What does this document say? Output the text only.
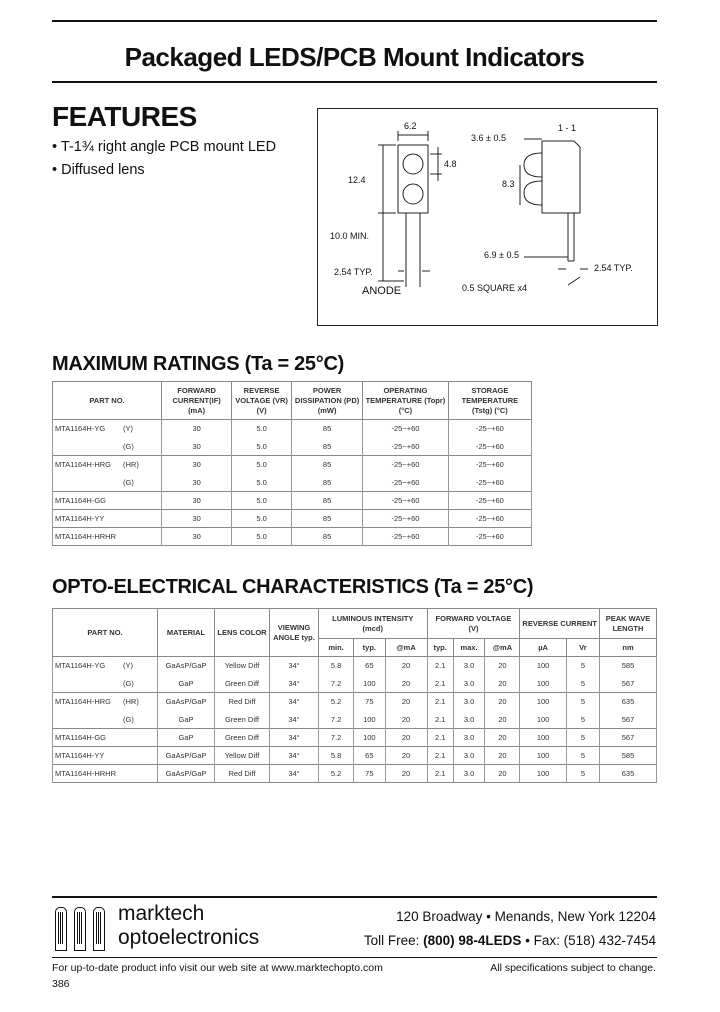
Packaged LEDS/PCB Mount Indicators
FEATURES
• T-1¾ right angle PCB mount LED
• Diffused lens
6.2
3.6 ± 0.5
1 - 1
4.8
12.4	8.3
10.0 MIN.
6.9 ± 0.5
2.54 TYP.	2.54 TYP.
ANODE	0.5 SQUARE x4
MAXIMUM RATINGS (Ta = 25°C)
PART NO.	FORWARD CURRENT(IF) (mA)	REVERSE VOLTAGE (VR) (V)	POWER DISSIPATION (PD) (mW)	OPERATING TEMPERATURE (Topr) (°C)	STORAGE TEMPERATURE (Tstg) (°C)
MTA1164H-YG (Y)	30	5.0	85	-25~+60	-25~+60
(G)	30	5.0	85	-25~+60	-25~+60
MTA1164H-HRG (HR)	30	5.0	85	-25~+60	-25~+60
(G)	30	5.0	85	-25~+60	-25~+60
MTA1164H-GG	30	5.0	85	-25~+60	-25~+60
MTA1164H-YY	30	5.0	85	-25~+60	-25~+60
MTA1164H-HRHR	30	5.0	85	-25~+60	-25~+60
OPTO-ELECTRICAL CHARACTERISTICS (Ta = 25°C)
PART NO.	MATERIAL	LENS COLOR	VIEWING ANGLE typ.	LUMINOUS INTENSITY (mcd)			FORWARD VOLTAGE (V)			REVERSE CURRENT		PEAK WAVE LENGTH
				min.	typ.	@mA	typ.	max.	@mA	µA	Vr	nm
MTA1164H-YG (Y)	GaAsP/GaP	Yellow Diff	34°	5.8	65	20	2.1	3.0	20	100	5	585
(G)	GaP	Green Diff	34°	7.2	100	20	2.1	3.0	20	100	5	567
MTA1164H-HRG (HR)	GaAsP/GaP	Red Diff	34°	5.2	75	20	2.1	3.0	20	100	5	635
(G)	GaP	Green Diff	34°	7.2	100	20	2.1	3.0	20	100	5	567
MTA1164H-GG	GaP	Green Diff	34°	7.2	100	20	2.1	3.0	20	100	5	567
MTA1164H-YY	GaAsP/GaP	Yellow Diff	34°	5.8	65	20	2.1	3.0	20	100	5	585
MTA1164H-HRHR	GaAsP/GaP	Red Diff	34°	5.2	75	20	2.1	3.0	20	100	5	635
marktech
optoelectronics
120 Broadway • Menands, New York 12204
Toll Free: (800) 98-4LEDS • Fax: (518) 432-7454
For up-to-date product info visit our web site at www.marktechopto.com	All specifications subject to change.
386
